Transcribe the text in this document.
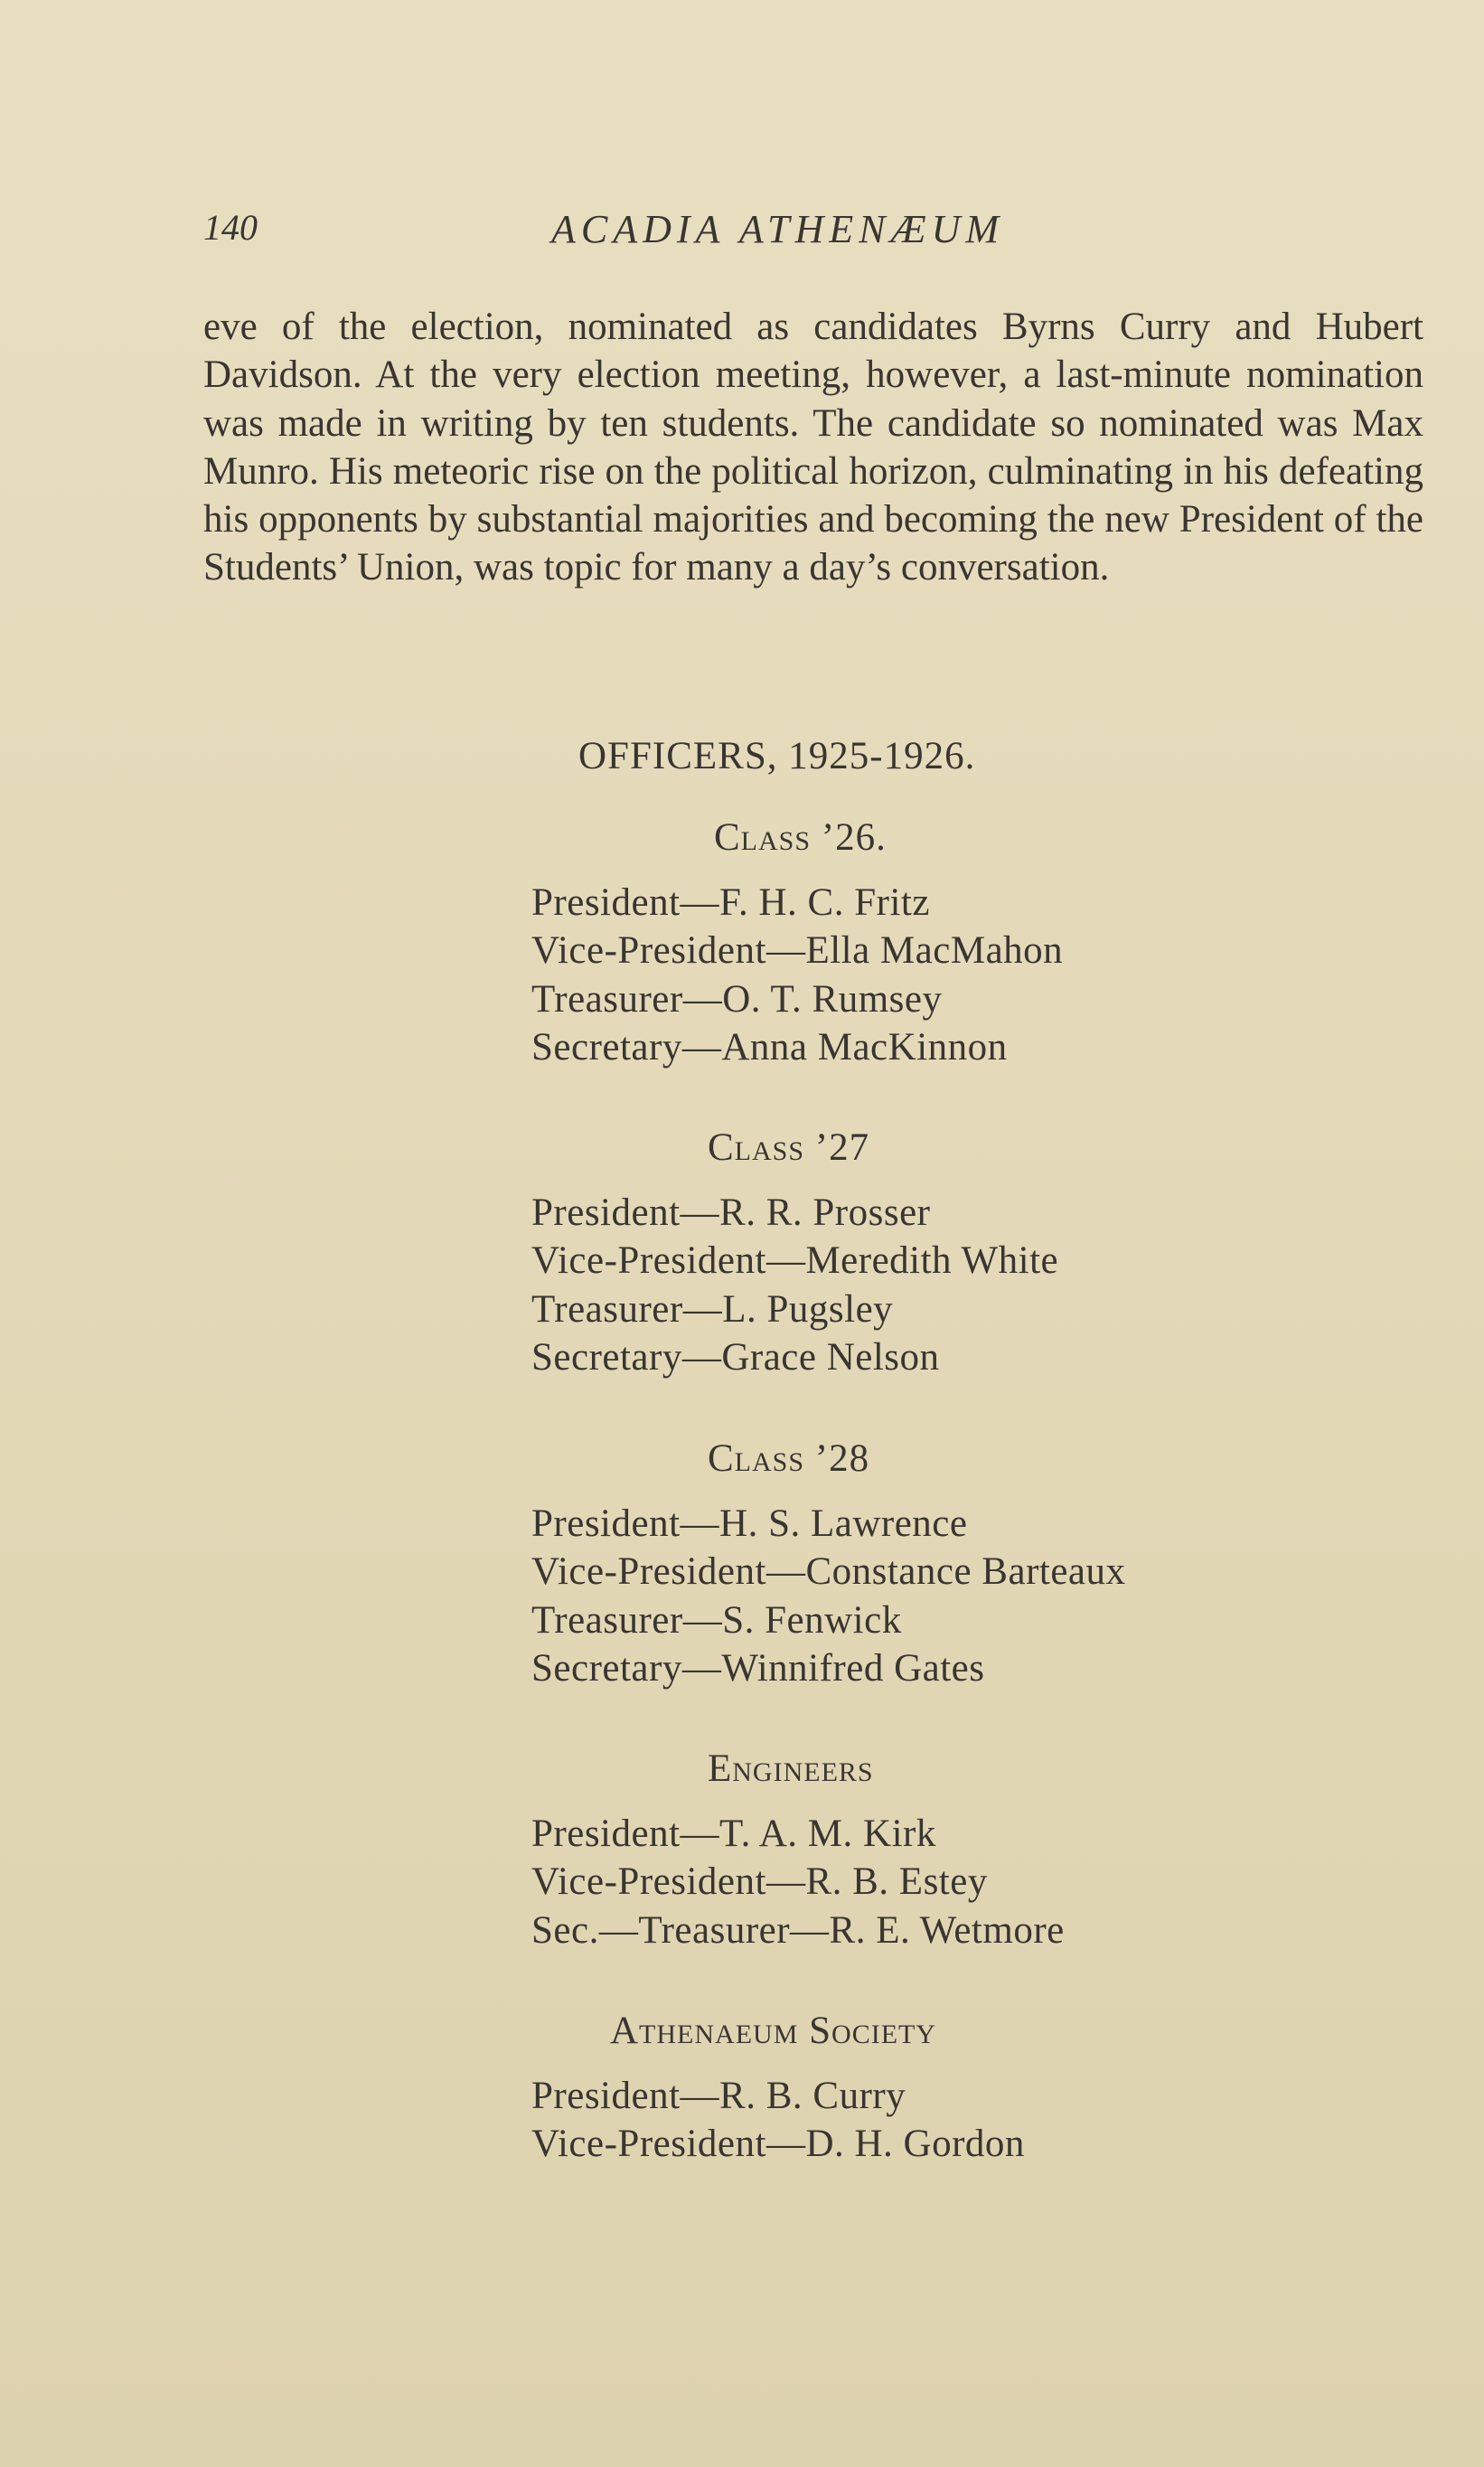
140	ACADIA ATHENÆUM

eve of the election, nominated as candidates Byrns Curry and Hubert Davidson. At the very election meeting, however, a last-minute nomination was made in writing by ten students. The candidate so nominated was Max Munro. His meteoric rise on the political horizon, culminating in his defeating his opponents by substantial majorities and becoming the new President of the Students’ Union, was topic for many a day’s conversation.

OFFICERS, 1925-1926.
Class ’26.
President—F. H. C. Fritz
Vice-President—Ella MacMahon
Treasurer—O. T. Rumsey
Secretary—Anna MacKinnon
Class ’27
President—R. R. Prosser
Vice-President—Meredith White
Treasurer—L. Pugsley
Secretary—Grace Nelson
Class ’28
President—H. S. Lawrence
Vice-President—Constance Barteaux
Treasurer—S. Fenwick
Secretary—Winnifred Gates
Engineers
President—T. A. M. Kirk
Vice-President—R. B. Estey
Sec.—Treasurer—R. E. Wetmore
Athenaeum Society
President—R. B. Curry
Vice-President—D. H. Gordon
